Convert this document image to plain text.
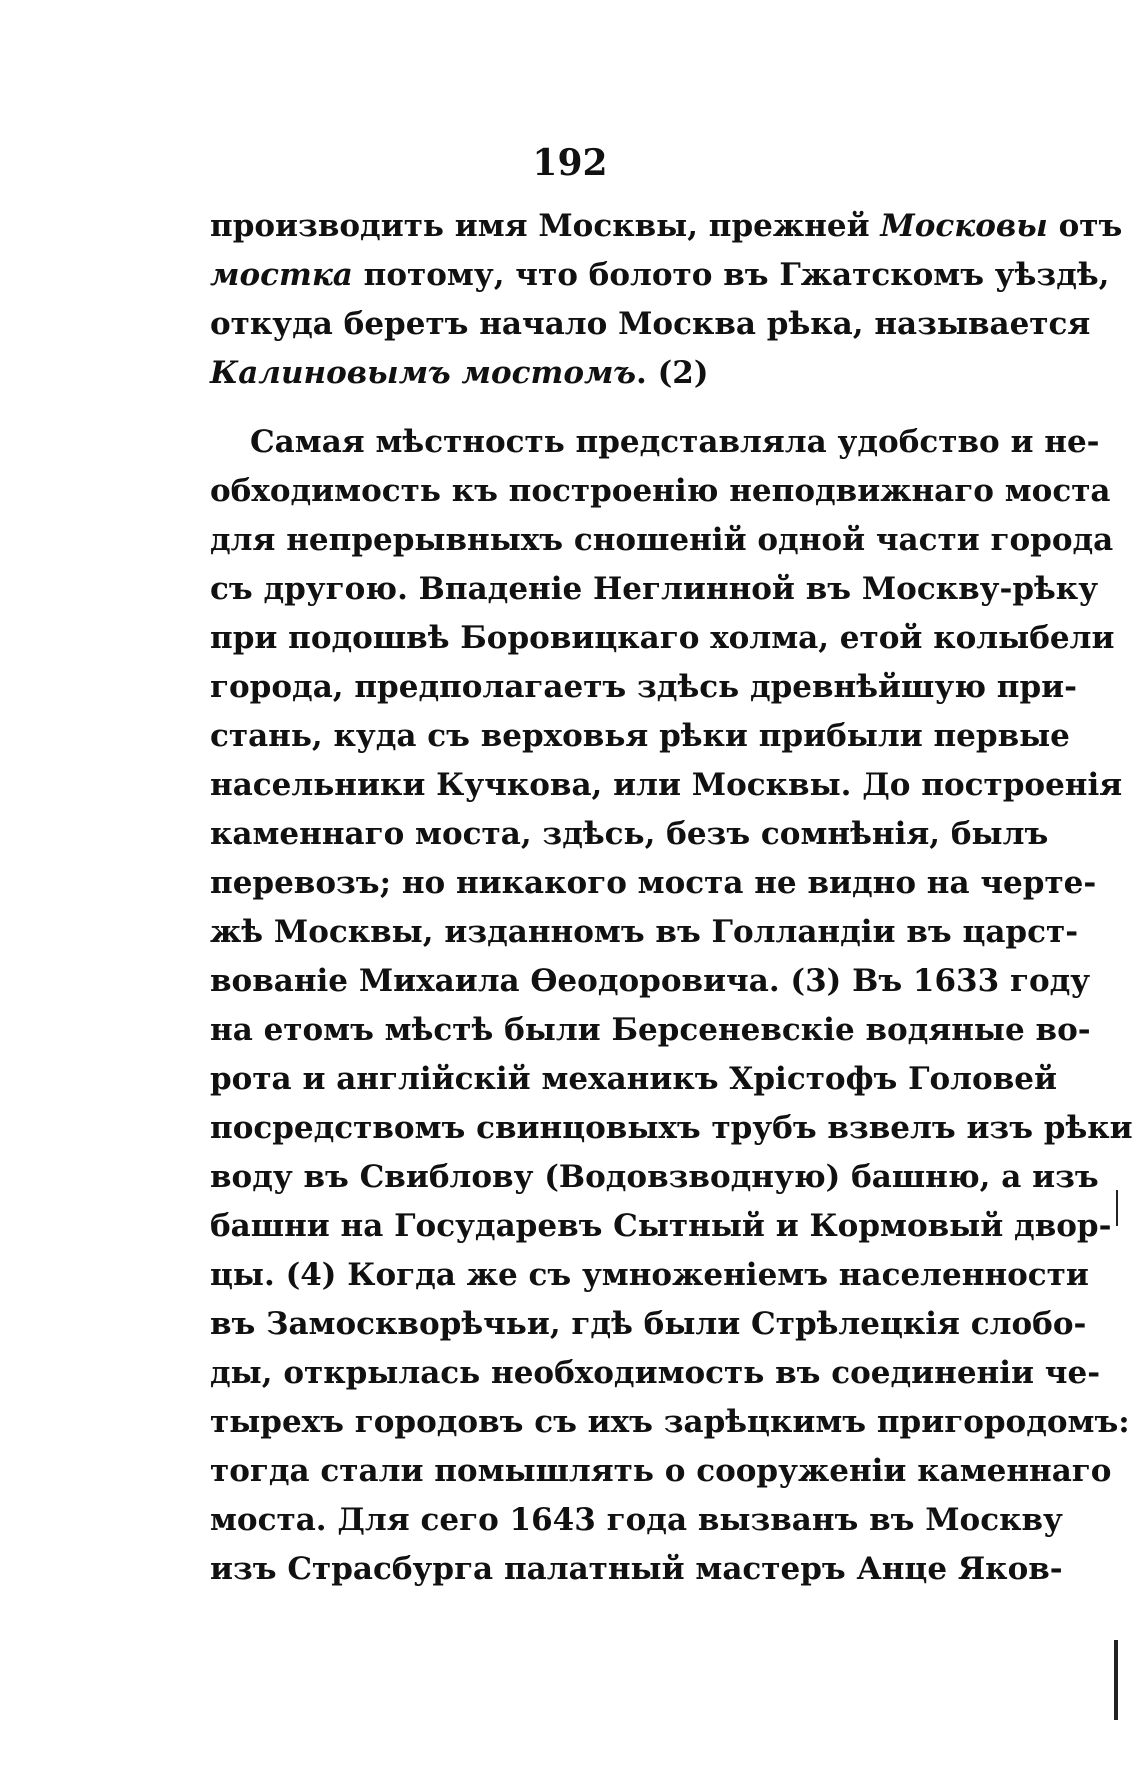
192
производить имя Москвы, прежней Московы отъ
мостка потому, что болото въ Гжатскомъ уѣздѣ,
откуда беретъ начало Москва рѣка, называется
Калиновымъ мостомъ. (2)
Самая мѣстность представляла удобство и не-
обходимость къ построенію неподвижнаго моста
для непрерывныхъ сношеній одной части города
съ другою. Впаденіе Неглинной въ Москву-рѣку
при подошвѣ Боровицкаго холма, етой колыбели
города, предполагаетъ здѣсь древнѣйшую при-
стань, куда съ верховья рѣки прибыли первые
насельники Кучкова, или Москвы. До построенія
каменнаго моста, здѣсь, безъ сомнѣнія, былъ
перевозъ; но никакого моста не видно на черте-
жѣ Москвы, изданномъ въ Голландіи въ царст-
вованіе Михаила Ѳеодоровича. (3) Въ 1633 году
на етомъ мѣстѣ были Берсеневскіе водяные во-
рота и англійскій механикъ Хрістофъ Головей
посредствомъ свинцовыхъ трубъ взвелъ изъ рѣки
воду въ Свиблову (Водовзводную) башню, а изъ
башни на Государевъ Сытный и Кормовый двор-
цы. (4) Когда же съ умноженіемъ населенности
въ Замоскворѣчьи, гдѣ были Стрѣлецкія слобо-
ды, открылась необходимость въ соединеніи че-
тырехъ городовъ съ ихъ зарѣцкимъ пригородомъ:
тогда стали помышлять о сооруженіи каменнаго
моста. Для сего 1643 года вызванъ въ Москву
изъ Страсбурга палатный мастеръ Анце Яков-
